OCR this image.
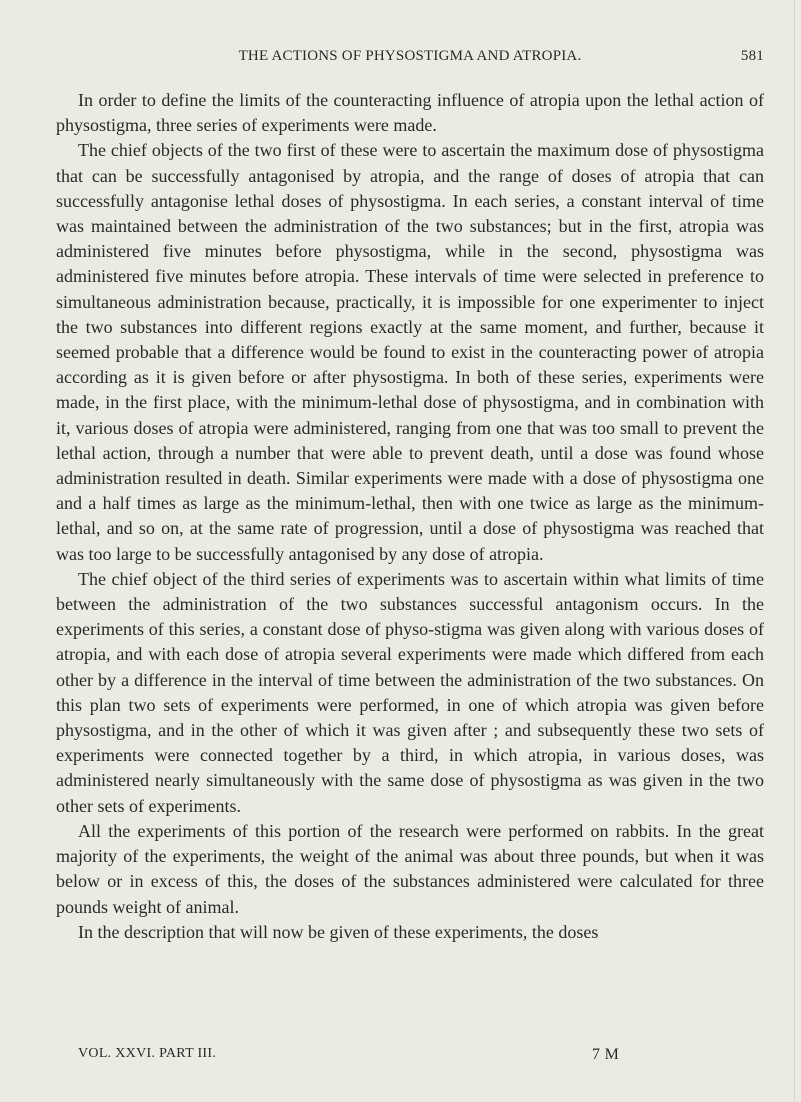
THE ACTIONS OF PHYSOSTIGMA AND ATROPIA.	581

In order to define the limits of the counteracting influence of atropia upon the lethal action of physostigma, three series of experiments were made.

The chief objects of the two first of these were to ascertain the maximum dose of physostigma that can be successfully antagonised by atropia, and the range of doses of atropia that can successfully antagonise lethal doses of physostigma. In each series, a constant interval of time was maintained between the administration of the two substances; but in the first, atropia was administered five minutes before physostigma, while in the second, physostigma was administered five minutes before atropia. These intervals of time were selected in preference to simultaneous administration because, practically, it is impossible for one experimenter to inject the two substances into different regions exactly at the same moment, and further, because it seemed probable that a difference would be found to exist in the counteracting power of atropia according as it is given before or after physostigma. In both of these series, experiments were made, in the first place, with the minimum-lethal dose of physostigma, and in combination with it, various doses of atropia were administered, ranging from one that was too small to prevent the lethal action, through a number that were able to prevent death, until a dose was found whose administration resulted in death. Similar experiments were made with a dose of physostigma one and a half times as large as the minimum-lethal, then with one twice as large as the minimum-lethal, and so on, at the same rate of progression, until a dose of physostigma was reached that was too large to be successfully antagonised by any dose of atropia.

The chief object of the third series of experiments was to ascertain within what limits of time between the administration of the two substances successful antagonism occurs. In the experiments of this series, a constant dose of physo-stigma was given along with various doses of atropia, and with each dose of atropia several experiments were made which differed from each other by a difference in the interval of time between the administration of the two substances. On this plan two sets of experiments were performed, in one of which atropia was given before physostigma, and in the other of which it was given after ; and subsequently these two sets of experiments were connected together by a third, in which atropia, in various doses, was administered nearly simultaneously with the same dose of physostigma as was given in the two other sets of experiments.

All the experiments of this portion of the research were performed on rabbits. In the great majority of the experiments, the weight of the animal was about three pounds, but when it was below or in excess of this, the doses of the substances administered were calculated for three pounds weight of animal.

In the description that will now be given of these experiments, the doses

VOL. XXVI. PART III.	7 M
